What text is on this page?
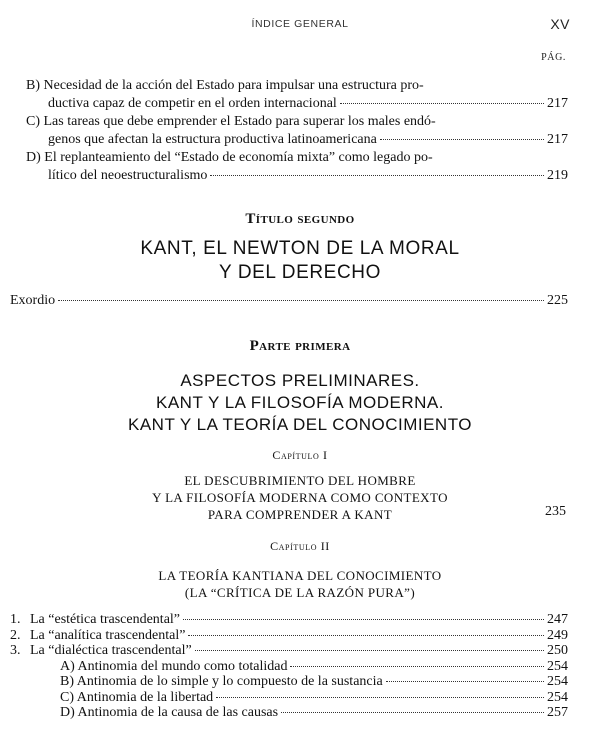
ÍNDICE GENERAL	XV
PÁG.
B) Necesidad de la acción del Estado para impulsar una estructura pro-
ductiva capaz de competir en el orden internacional	217
C) Las tareas que debe emprender el Estado para superar los males endó-
genos que afectan la estructura productiva latinoamericana	217
D) El replanteamiento del “Estado de economía mixta” como legado po-
lítico del neoestructuralismo	219
Título segundo
KANT, EL NEWTON DE LA MORAL
Y DEL DERECHO
Exordio	225
Parte primera
ASPECTOS PRELIMINARES.
KANT Y LA FILOSOFÍA MODERNA.
KANT Y LA TEORÍA DEL CONOCIMIENTO
Capítulo I
EL DESCUBRIMIENTO DEL HOMBRE
Y LA FILOSOFÍA MODERNA COMO CONTEXTO
PARA COMPRENDER A KANT	235
Capítulo II
LA TEORÍA KANTIANA DEL CONOCIMIENTO
(LA “CRÍTICA DE LA RAZÓN PURA”)
1. La “estética trascendental”	247
2. La “analítica trascendental”	249
3. La “dialéctica trascendental”	250
A) Antinomia del mundo como totalidad	254
B) Antinomia de lo simple y lo compuesto de la sustancia	254
C) Antinomia de la libertad	254
D) Antinomia de la causa de las causas	257
